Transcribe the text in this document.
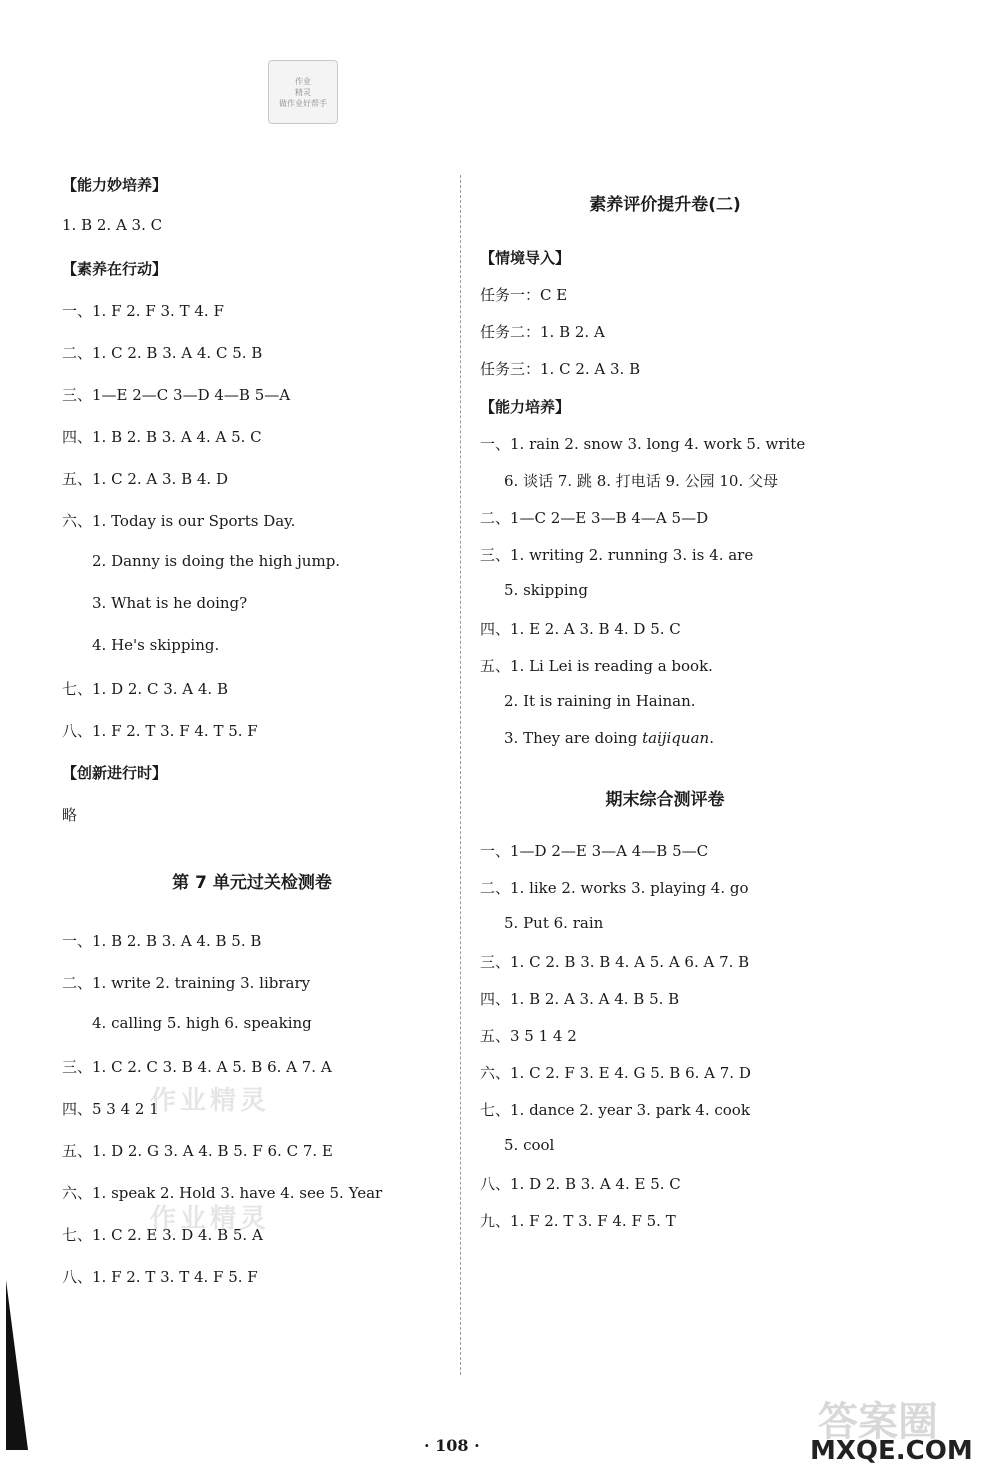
作业
精灵
做作业好帮手
【能力妙培养】
1. B 2. A 3. C
【素养在行动】
一、1. F 2. F 3. T 4. F
二、1. C 2. B 3. A 4. C 5. B
三、1—E 2—C 3—D 4—B 5—A
四、1. B 2. B 3. A 4. A 5. C
五、1. C 2. A 3. B 4. D
六、1. Today is our Sports Day.
2. Danny is doing the high jump.
3. What is he doing?
4. He's skipping.
七、1. D 2. C 3. A 4. B
八、1. F 2. T 3. F 4. T 5. F
【创新进行时】
略
第 7 单元过关检测卷
一、1. B 2. B 3. A 4. B 5. B
二、1. write 2. training 3. library
4. calling 5. high 6. speaking
三、1. C 2. C 3. B 4. A 5. B 6. A 7. A
四、5 3 4 2 1
五、1. D 2. G 3. A 4. B 5. F 6. C 7. E
六、1. speak 2. Hold 3. have 4. see 5. Year
七、1. C 2. E 3. D 4. B 5. A
八、1. F 2. T 3. T 4. F 5. F
素养评价提升卷(二)
【情境导入】
任务一：C E
任务二：1. B 2. A
任务三：1. C 2. A 3. B
【能力培养】
一、1. rain 2. snow 3. long 4. work 5. write
6. 谈话 7. 跳 8. 打电话 9. 公园 10. 父母
二、1—C 2—E 3—B 4—A 5—D
三、1. writing 2. running 3. is 4. are
5. skipping
四、1. E 2. A 3. B 4. D 5. C
五、1. Li Lei is reading a book.
2. It is raining in Hainan.
3. They are doing taijiquan.
期末综合测评卷
一、1—D 2—E 3—A 4—B 5—C
二、1. like 2. works 3. playing 4. go
5. Put 6. rain
三、1. C 2. B 3. B 4. A 5. A 6. A 7. B
四、1. B 2. A 3. A 4. B 5. B
五、3 5 1 4 2
六、1. C 2. F 3. E 4. G 5. B 6. A 7. D
七、1. dance 2. year 3. park 4. cook
5. cool
八、1. D 2. B 3. A 4. E 5. C
九、1. F 2. T 3. F 4. F 5. T
作业精灵
作业精灵
· 108 ·
答案圈
MXQE.COM
